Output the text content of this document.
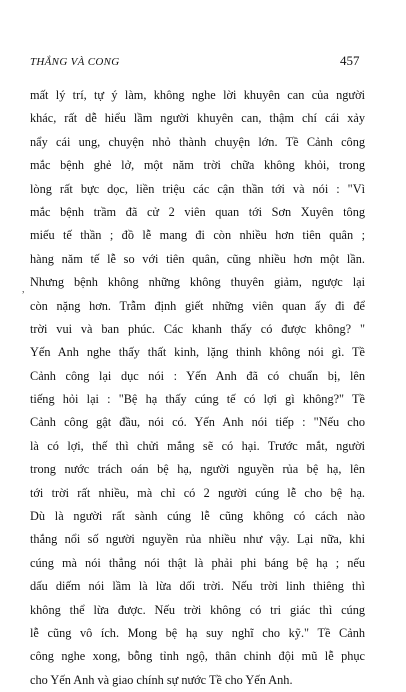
THẮNG VÀ CONG	457
,
mất lý trí, tự ý làm, không nghe lời khuyên can của người
khác, rất dễ hiểu lầm người khuyên can, thậm chí cái xảy
nẩy cái ung, chuyện nhỏ thành chuyện lớn. Tề Cảnh công
mắc bệnh ghẻ lở, một năm trời chữa không khỏi, trong
lòng rất bực dọc, liền triệu các cận thần tới và nói : "Vì
mắc bệnh trầm đã cử 2 viên quan tới Sơn Xuyên tông
miếu tế thần ; đồ lễ mang đi còn nhiều hơn tiên quân ;
hàng năm tế lễ so với tiên quân, cũng nhiều hơn một lần.
Nhưng bệnh không những không thuyên giảm, ngược lại
còn nặng hơn. Trẫm định giết những viên quan ấy đi để
trời vui và ban phúc. Các khanh thấy có được không? "
Yến Anh nghe thấy thất kinh, lặng thinh không nói gì. Tề
Cảnh công lại dục nói : Yến Anh đã có chuẩn bị, lên
tiếng hỏi lại : "Bệ hạ thấy cúng tế có lợi gì không?" Tề
Cảnh công gật đầu, nói có. Yến Anh nói tiếp : "Nếu cho
là có lợi, thế thì chửi mắng sẽ có hại. Trước mắt, người
trong nước trách oán bệ hạ, người nguyền rủa bệ hạ, lên
tới trời rất nhiều, mà chỉ có 2 người cúng lễ cho bệ hạ.
Dù là người rất sành cúng lễ cũng không có cách nào
thắng nổi số người nguyền rủa nhiều như vậy. Lại nữa, khi
cúng mà nói thẳng nói thật là phải phi báng bệ hạ ; nếu
dấu diếm nói lầm là lừa dối trời. Nếu trời linh thiêng thì
không thể lừa được. Nếu trời không có tri giác thì cúng
lễ cũng vô ích. Mong bệ hạ suy nghĩ cho kỹ." Tề Cảnh
công nghe xong, bỗng tỉnh ngộ, thân chinh đội mũ lễ phục
cho Yến Anh và giao chính sự nước Tề cho Yến Anh.
